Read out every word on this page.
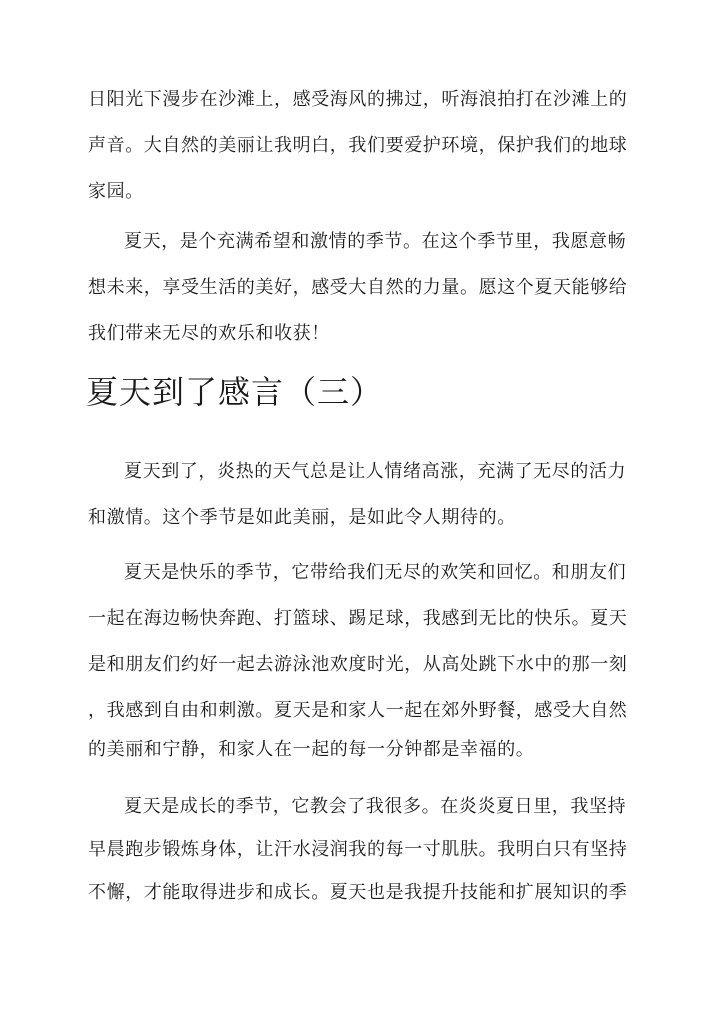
日阳光下漫步在沙滩上，感受海风的拂过，听海浪拍打在沙滩上的
声音。大自然的美丽让我明白，我们要爱护环境，保护我们的地球
家园。
夏天，是个充满希望和激情的季节。在这个季节里，我愿意畅
想未来，享受生活的美好，感受大自然的力量。愿这个夏天能够给
我们带来无尽的欢乐和收获！
夏天到了感言（三）
夏天到了，炎热的天气总是让人情绪高涨，充满了无尽的活力
和激情。这个季节是如此美丽，是如此令人期待的。
夏天是快乐的季节，它带给我们无尽的欢笑和回忆。和朋友们
一起在海边畅快奔跑、打篮球、踢足球，我感到无比的快乐。夏天
是和朋友们约好一起去游泳池欢度时光，从高处跳下水中的那一刻
，我感到自由和刺激。夏天是和家人一起在郊外野餐，感受大自然
的美丽和宁静，和家人在一起的每一分钟都是幸福的。
夏天是成长的季节，它教会了我很多。在炎炎夏日里，我坚持
早晨跑步锻炼身体，让汗水浸润我的每一寸肌肤。我明白只有坚持
不懈，才能取得进步和成长。夏天也是我提升技能和扩展知识的季
